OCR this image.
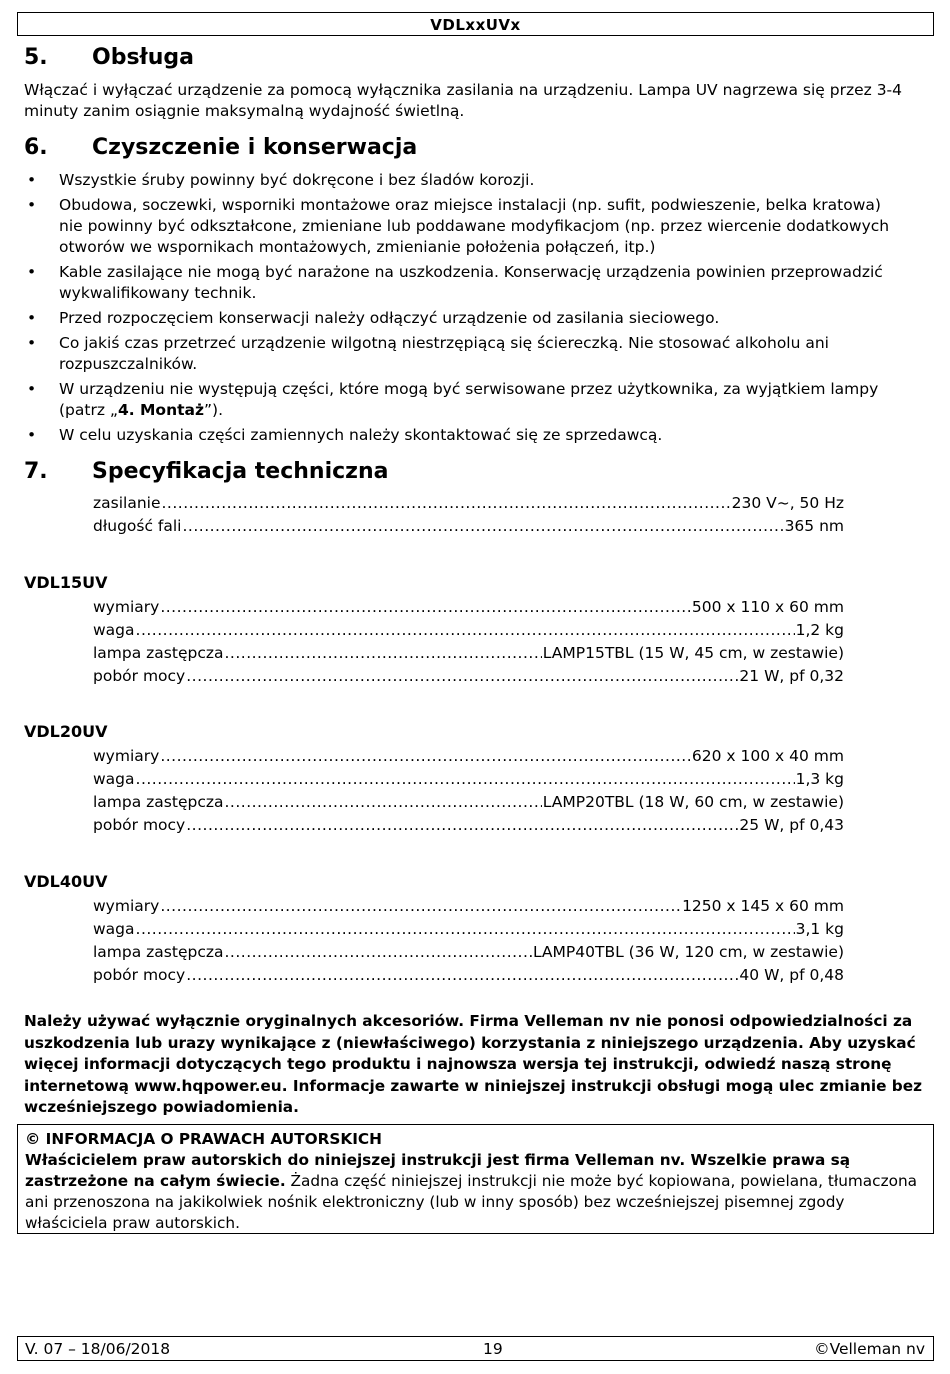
VDLxxUVx
5. Obsługa
Włączać i wyłączać urządzenie za pomocą wyłącznika zasilania na urządzeniu. Lampa UV nagrzewa się przez 3-4 minuty zanim osiągnie maksymalną wydajność świetlną.
6. Czyszczenie i konserwacja
• Wszystkie śruby powinny być dokręcone i bez śladów korozji.
• Obudowa, soczewki, wsporniki montażowe oraz miejsce instalacji (np. sufit, podwieszenie, belka kratowa) nie powinny być odkształcone, zmieniane lub poddawane modyfikacjom (np. przez wiercenie dodatkowych otworów we wspornikach montażowych, zmienianie położenia połączeń, itp.)
• Kable zasilające nie mogą być narażone na uszkodzenia. Konserwację urządzenia powinien przeprowadzić wykwalifikowany technik.
• Przed rozpoczęciem konserwacji należy odłączyć urządzenie od zasilania sieciowego.
• Co jakiś czas przetrzeć urządzenie wilgotną niestrzępiącą się ściereczką. Nie stosować alkoholu ani rozpuszczalników.
• W urządzeniu nie występują części, które mogą być serwisowane przez użytkownika, za wyjątkiem lampy (patrz „4. Montaż”).
• W celu uzyskania części zamiennych należy skontaktować się ze sprzedawcą.
7. Specyfikacja techniczna
zasilanie .....	230 V~, 50 Hz
długość fali .....	365 nm
VDL15UV
wymiary .....	500 x 110 x 60 mm
waga .....	1,2 kg
lampa zastępcza .....	LAMP15TBL (15 W, 45 cm, w zestawie)
pobór mocy .....	21 W, pf 0,32
VDL20UV
wymiary .....	620 x 100 x 40 mm
waga .....	1,3 kg
lampa zastępcza .....	LAMP20TBL (18 W, 60 cm, w zestawie)
pobór mocy .....	25 W, pf 0,43
VDL40UV
wymiary .....	1250 x 145 x 60 mm
waga .....	3,1 kg
lampa zastępcza .....	LAMP40TBL (36 W, 120 cm, w zestawie)
pobór mocy .....	40 W, pf 0,48
Należy używać wyłącznie oryginalnych akcesoriów. Firma Velleman nv nie ponosi odpowiedzialności za uszkodzenia lub urazy wynikające z (niewłaściwego) korzystania z niniejszego urządzenia. Aby uzyskać więcej informacji dotyczących tego produktu i najnowsza wersja tej instrukcji, odwiedź naszą stronę internetową www.hqpower.eu. Informacje zawarte w niniejszej instrukcji obsługi mogą ulec zmianie bez wcześniejszego powiadomienia.
© INFORMACJA O PRAWACH AUTORSKICH
Właścicielem praw autorskich do niniejszej instrukcji jest firma Velleman nv. Wszelkie prawa są zastrzeżone na całym świecie. Żadna część niniejszej instrukcji nie może być kopiowana, powielana, tłumaczona ani przenoszona na jakikolwiek nośnik elektroniczny (lub w inny sposób) bez wcześniejszej pisemnej zgody właściciela praw autorskich.
V. 07 – 18/06/2018	19	©Velleman nv
